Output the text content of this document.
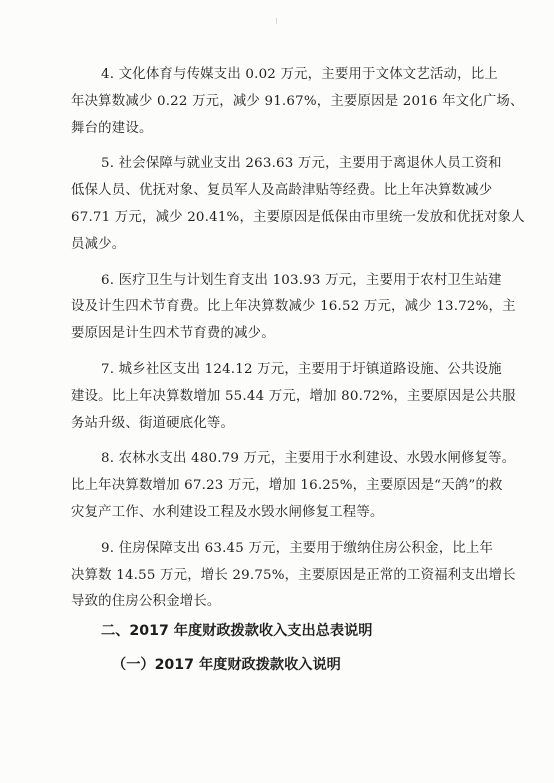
4. 文化体育与传媒支出 0.02 万元，主要用于文体文艺活动，比上
年决算数减少 0.22 万元，减少 91.67%，主要原因是 2016 年文化广场、
舞台的建设。
5. 社会保障与就业支出 263.63 万元，主要用于离退休人员工资和
低保人员、优抚对象、复员军人及高龄津贴等经费。比上年决算数减少
67.71 万元，减少 20.41%，主要原因是低保由市里统一发放和优抚对象人
员减少。
6. 医疗卫生与计划生育支出 103.93 万元，主要用于农村卫生站建
设及计生四术节育费。比上年决算数减少 16.52 万元，减少 13.72%，主
要原因是计生四术节育费的减少。
7. 城乡社区支出 124.12 万元，主要用于圩镇道路设施、公共设施
建设。比上年决算数增加 55.44 万元，增加 80.72%，主要原因是公共服
务站升级、街道硬底化等。
8. 农林水支出 480.79 万元，主要用于水利建设、水毁水闸修复等。
比上年决算数增加 67.23 万元，增加 16.25%，主要原因是“天鸽”的救
灾复产工作、水利建设工程及水毁水闸修复工程等。
9. 住房保障支出 63.45 万元，主要用于缴纳住房公积金，比上年
决算数 14.55 万元，增长 29.75%，主要原因是正常的工资福利支出增长
导致的住房公积金增长。
二、2017 年度财政拨款收入支出总表说明
（一）2017 年度财政拨款收入说明
